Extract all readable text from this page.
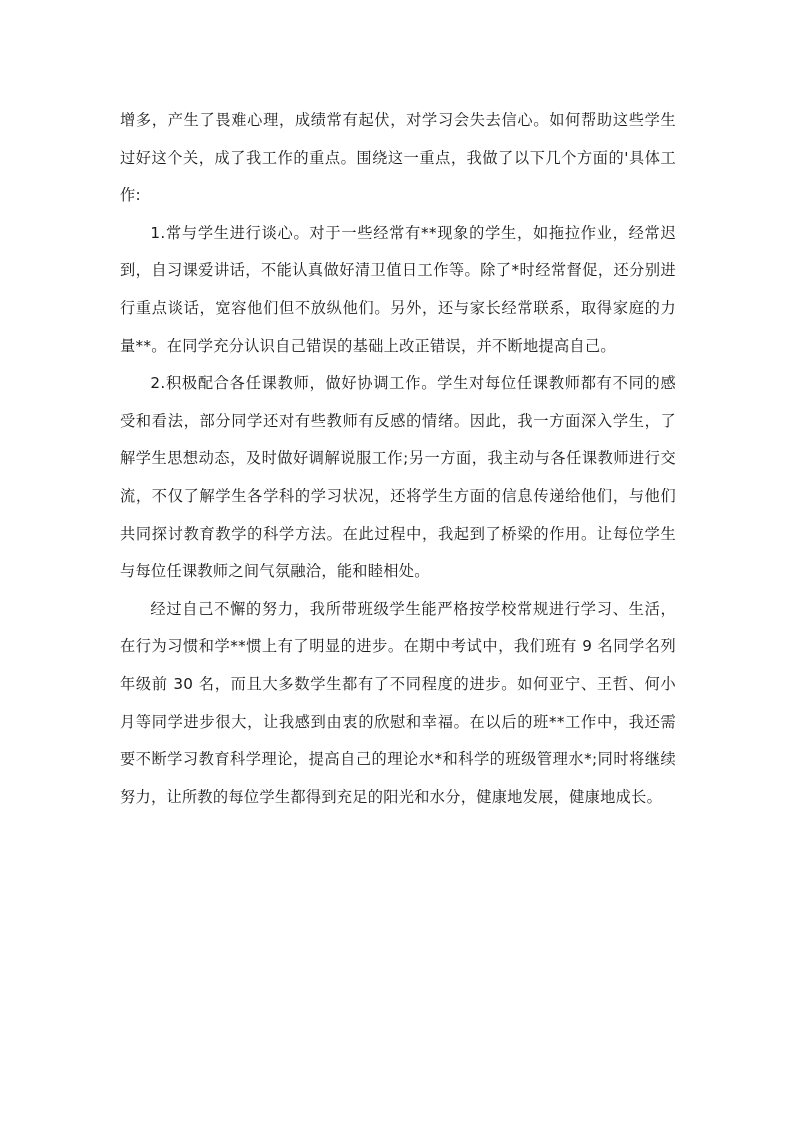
增多，产生了畏难心理，成绩常有起伏，对学习会失去信心。如何帮助这些学生过好这个关，成了我工作的重点。围绕这一重点，我做了以下几个方面的'具体工作:

1.常与学生进行谈心。对于一些经常有**现象的学生，如拖拉作业，经常迟到，自习课爱讲话，不能认真做好清卫值日工作等。除了*时经常督促，还分别进行重点谈话，宽容他们但不放纵他们。另外，还与家长经常联系，取得家庭的力量**。在同学充分认识自己错误的基础上改正错误，并不断地提高自己。

2.积极配合各任课教师，做好协调工作。学生对每位任课教师都有不同的感受和看法，部分同学还对有些教师有反感的情绪。因此，我一方面深入学生，了解学生思想动态，及时做好调解说服工作;另一方面，我主动与各任课教师进行交流，不仅了解学生各学科的学习状况，还将学生方面的信息传递给他们，与他们共同探讨教育教学的科学方法。在此过程中，我起到了桥梁的作用。让每位学生与每位任课教师之间气氛融洽，能和睦相处。

经过自己不懈的努力，我所带班级学生能严格按学校常规进行学习、生活，在行为习惯和学**惯上有了明显的进步。在期中考试中，我们班有 9 名同学名列年级前 30 名，而且大多数学生都有了不同程度的进步。如何亚宁、王哲、何小月等同学进步很大，让我感到由衷的欣慰和幸福。在以后的班**工作中，我还需要不断学习教育科学理论，提高自己的理论水*和科学的班级管理水*;同时将继续努力，让所教的每位学生都得到充足的阳光和水分，健康地发展，健康地成长。
